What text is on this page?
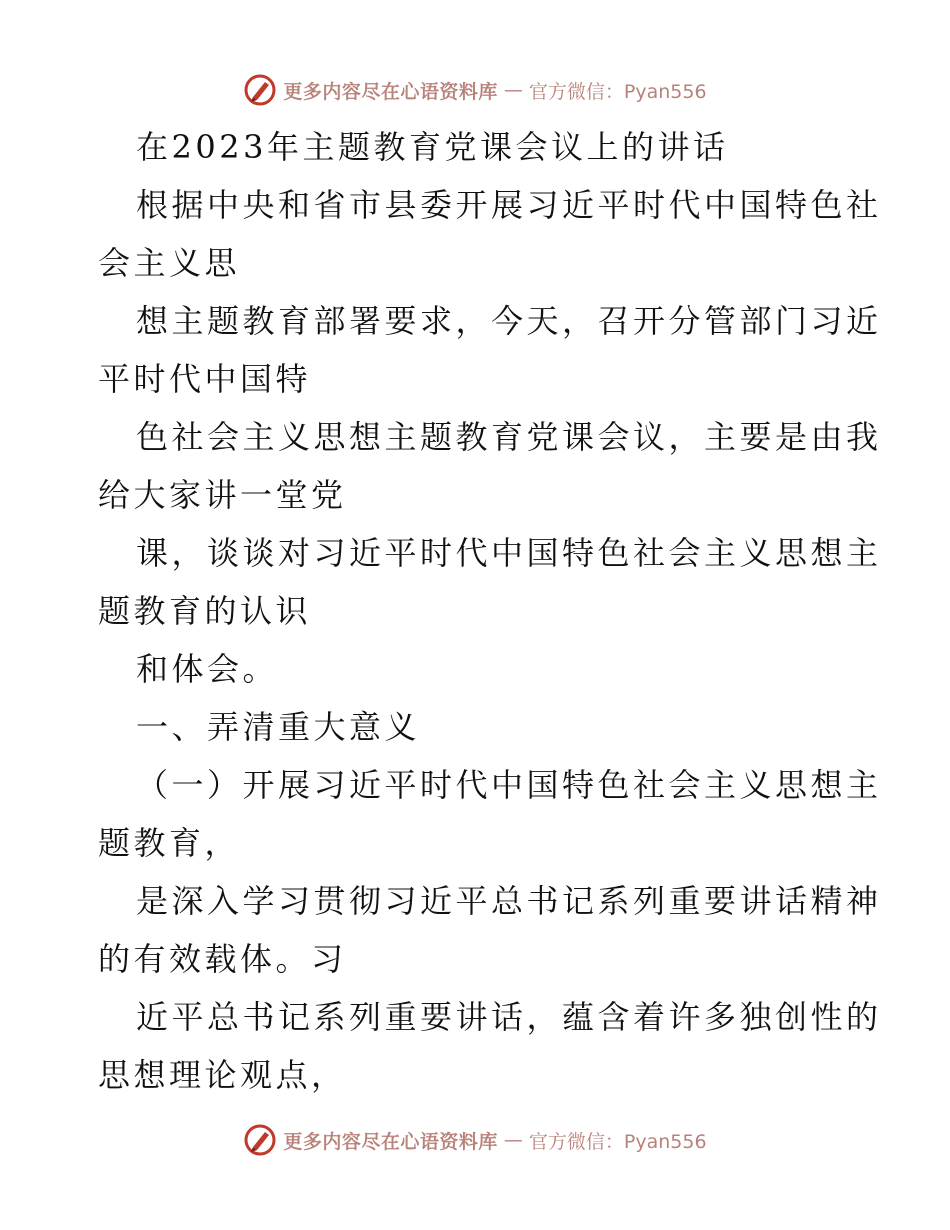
更多内容尽在心语资料库 — 官方微信：Pyan556

在2023年主题教育党课会议上的讲话

根据中央和省市县委开展习近平时代中国特色社

会主义思

想主题教育部署要求，今天，召开分管部门习近

平时代中国特

色社会主义思想主题教育党课会议，主要是由我

给大家讲一堂党

课，谈谈对习近平时代中国特色社会主义思想主

题教育的认识

和体会。

一、弄清重大意义

（一）开展习近平时代中国特色社会主义思想主

题教育，

是深入学习贯彻习近平总书记系列重要讲话精神

的有效载体。习

近平总书记系列重要讲话，蕴含着许多独创性的

思想理论观点，

更多内容尽在心语资料库 — 官方微信：Pyan556
